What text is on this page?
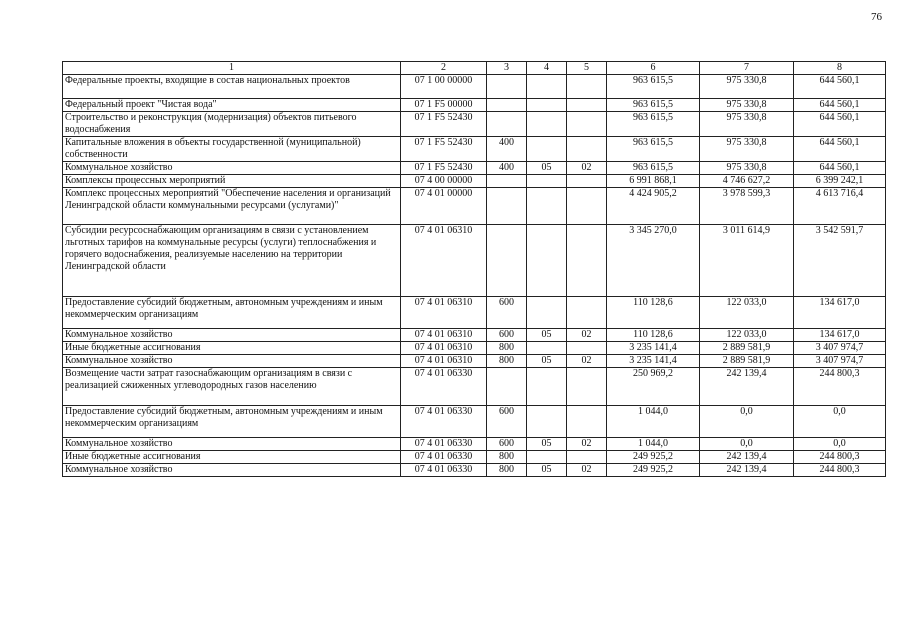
76
1	2	3	4	5	6	7	8
Федеральные проекты, входящие в состав национальных проектов	07 1 00 00000				963 615,5	975 330,8	644 560,1
Федеральный проект "Чистая вода"	07 1 F5 00000				963 615,5	975 330,8	644 560,1
Строительство и реконструкция (модернизация) объектов питьевого водоснабжения	07 1 F5 52430				963 615,5	975 330,8	644 560,1
Капитальные вложения в объекты государственной (муниципальной) собственности	07 1 F5 52430	400			963 615,5	975 330,8	644 560,1
Коммунальное хозяйство	07 1 F5 52430	400	05	02	963 615,5	975 330,8	644 560,1
Комплексы процессных мероприятий	07 4 00 00000				6 991 868,1	4 746 627,2	6 399 242,1
Комплекс процессных мероприятий "Обеспечение населения и организаций Ленинградской области коммунальными ресурсами (услугами)"	07 4 01 00000				4 424 905,2	3 978 599,3	4 613 716,4
Субсидии ресурсоснабжающим организациям в связи с установлением льготных тарифов на коммунальные ресурсы (услуги) теплоснабжения и горячего водоснабжения, реализуемые населению на территории Ленинградской области	07 4 01 06310				3 345 270,0	3 011 614,9	3 542 591,7
Предоставление субсидий бюджетным, автономным учреждениям и иным некоммерческим организациям	07 4 01 06310	600			110 128,6	122 033,0	134 617,0
Коммунальное хозяйство	07 4 01 06310	600	05	02	110 128,6	122 033,0	134 617,0
Иные бюджетные ассигнования	07 4 01 06310	800			3 235 141,4	2 889 581,9	3 407 974,7
Коммунальное хозяйство	07 4 01 06310	800	05	02	3 235 141,4	2 889 581,9	3 407 974,7
Возмещение части затрат газоснабжающим организациям в связи с реализацией сжиженных углеводородных газов населению	07 4 01 06330				250 969,2	242 139,4	244 800,3
Предоставление субсидий бюджетным, автономным учреждениям и иным некоммерческим организациям	07 4 01 06330	600			1 044,0	0,0	0,0
Коммунальное хозяйство	07 4 01 06330	600	05	02	1 044,0	0,0	0,0
Иные бюджетные ассигнования	07 4 01 06330	800			249 925,2	242 139,4	244 800,3
Коммунальное хозяйство	07 4 01 06330	800	05	02	249 925,2	242 139,4	244 800,3
